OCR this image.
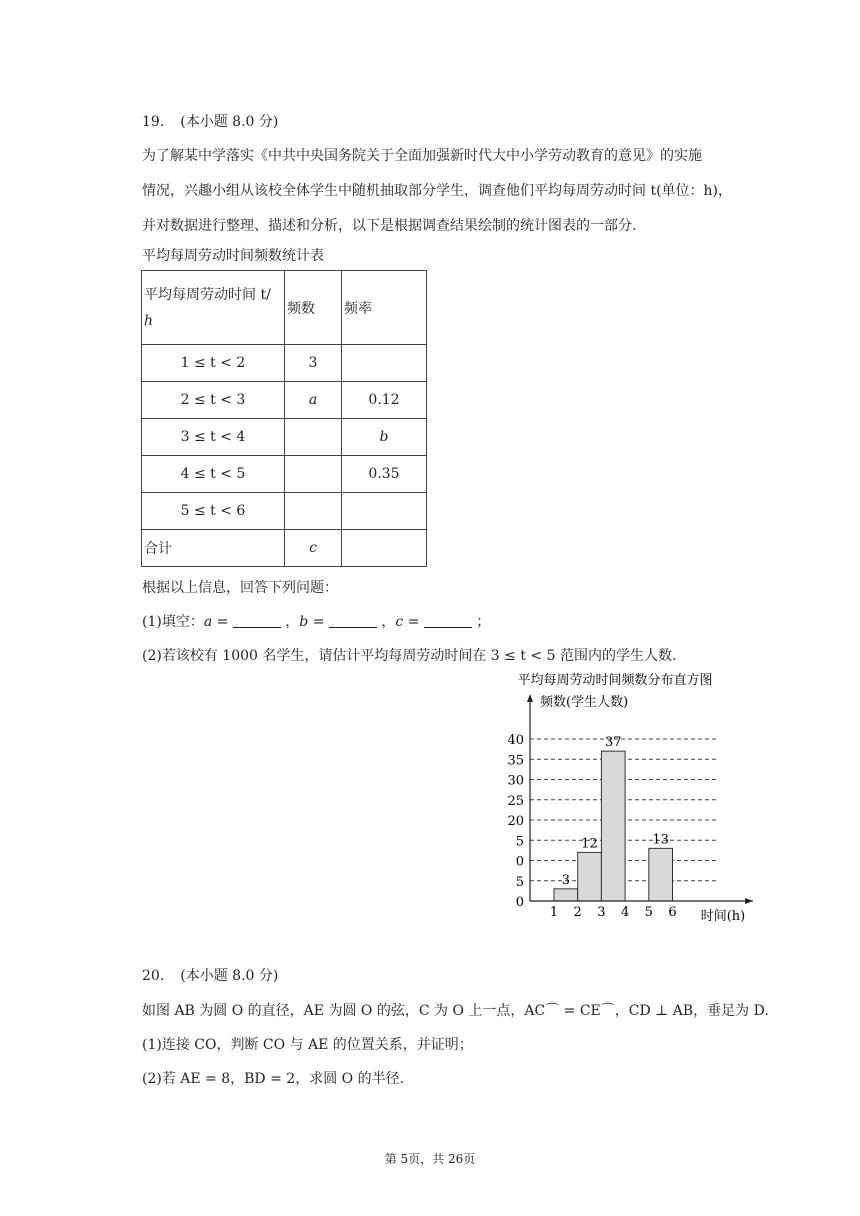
19. (本小题 8.0 分)
为了解某中学落实《中共中央国务院关于全面加强新时代大中小学劳动教育的意见》的实施
情况，兴趣小组从该校全体学生中随机抽取部分学生，调查他们平均每周劳动时间 t(单位：h)，
并对数据进行整理、描述和分析，以下是根据调查结果绘制的统计图表的一部分.
平均每周劳动时间频数统计表
平均每周劳动时间 t/
h	频数	频率
1 ≤ t < 2	3	
2 ≤ t < 3	a	0.12
3 ≤ t < 4		b
4 ≤ t < 5		0.35
5 ≤ t < 6		
合计	c	
根据以上信息，回答下列问题：
(1)填空：a =	，b =	，c =	；
(2)若该校有 1000 名学生，请估计平均每周劳动时间在 3 ≤ t < 5 范围内的学生人数.
平均每周劳动时间频数分布直方图
频数(学生人数)
0
5
0
5
20
25
30
35
40
3
12
37
13
1 2 3 4 5 6 时间(h)
20. (本小题 8.0 分)
如图 AB 为圆 O 的直径，AE 为圆 O 的弦，C 为 O 上一点，AC⌒ = CE⌒，CD ⊥ AB，垂足为 D.
(1)连接 CO，判断 CO 与 AE 的位置关系，并证明；
(2)若 AE = 8，BD = 2，求圆 O 的半径.
第 5页，共 26页
